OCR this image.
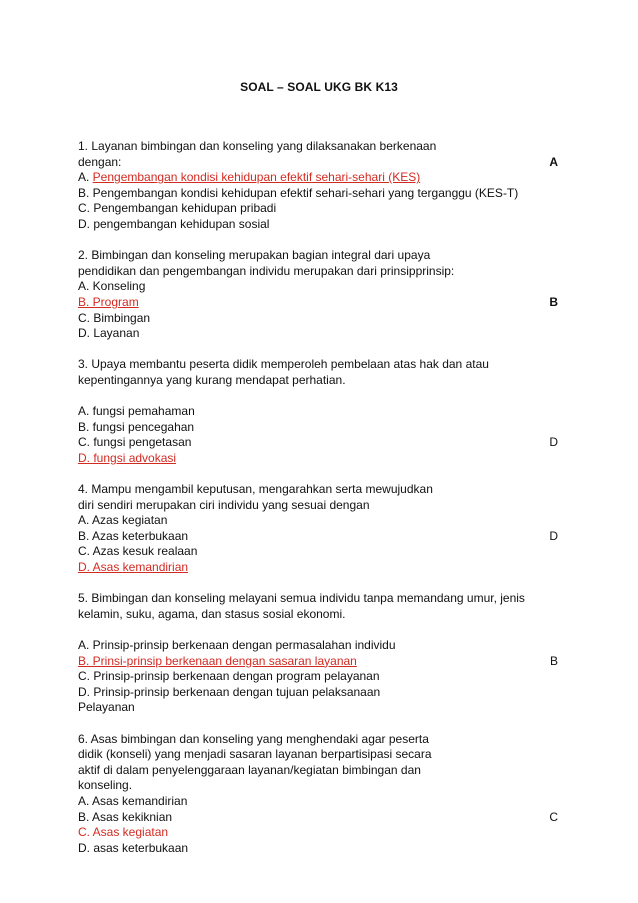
SOAL – SOAL UKG BK K13
1. Layanan bimbingan dan konseling yang dilaksanakan berkenaan
dengan:	A
A. Pengembangan kondisi kehidupan efektif sehari-sehari (KES)
B. Pengembangan kondisi kehidupan efektif sehari-sehari yang terganggu (KES-T)
C. Pengembangan kehidupan pribadi
D. pengembangan kehidupan sosial
2. Bimbingan dan konseling merupakan bagian integral dari upaya
pendidikan dan pengembangan individu merupakan dari prinsipprinsip:
A. Konseling
B. Program	B
C. Bimbingan
D. Layanan
3. Upaya membantu peserta didik memperoleh pembelaan atas hak dan atau
kepentingannya yang kurang mendapat perhatian.
A. fungsi pemahaman
B. fungsi pencegahan
C. fungsi pengetasan	D
D. fungsi advokasi
4. Mampu mengambil keputusan, mengarahkan serta mewujudkan
diri sendiri merupakan ciri individu yang sesuai dengan
A. Azas kegiatan
B. Azas keterbukaan	D
C. Azas kesuk realaan
D. Asas kemandirian
5. Bimbingan dan konseling melayani semua individu tanpa memandang umur, jenis
kelamin, suku, agama, dan stasus sosial ekonomi.
A. Prinsip-prinsip berkenaan dengan permasalahan individu
B. Prinsi-prinsip berkenaan dengan sasaran layanan	B
C. Prinsip-prinsip berkenaan dengan program pelayanan
D. Prinsip-prinsip berkenaan dengan tujuan pelaksanaan
Pelayanan
6. Asas bimbingan dan konseling yang menghendaki agar peserta
didik (konseli) yang menjadi sasaran layanan berpartisipasi secara
aktif di dalam penyelenggaraan layanan/kegiatan bimbingan dan
konseling.
A. Asas kemandirian
B. Asas kekiknian	C
C. Asas kegiatan
D. asas keterbukaan
